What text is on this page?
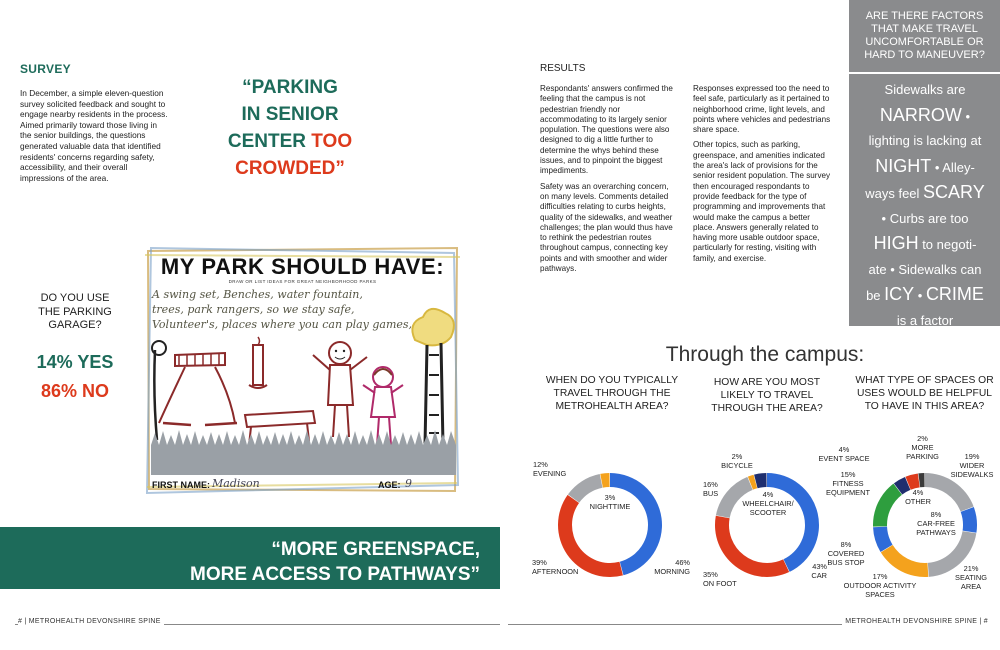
SURVEY
In December, a simple eleven-question survey solicited feedback and sought to engage nearby residents in the process. Aimed primarily toward those living in the senior buildings, the questions generated valuable data that identified residents' concerns regarding safety, accessibility, and their overall impressions of the area.
“PARKING
IN SENIOR
CENTER TOO
CROWDED”
MY PARK SHOULD HAVE:
DRAW OR LIST IDEAS FOR GREAT NEIGHBORHOOD PARKS
A swing set, Benches, water fountain,
trees, park rangers, so we stay safe,
Volunteer's, places where you can play games,
FIRST NAME: Madison	AGE: 9
DO YOU USE
THE PARKING
GARAGE?
14% YES
86% NO
“MORE GREENSPACE,
MORE ACCESS TO PATHWAYS”
# | METROHEALTH DEVONSHIRE SPINE
RESULTS

Respondants' answers confirmed the feeling that the campus is not pedestrian friendly nor accommodating to its largely senior population. The questions were also designed to dig a little further to determine the whys behind these issues, and to pinpoint the biggest impediments.

Safety was an overarching concern, on many levels. Comments detailed difficulties relating to curbs heights, quality of the sidewalks, and weather challenges; the plan would thus have to rethink the pedestrian routes throughout campus, connecting key points and with smoother and wider pathways.

Responses expressed too the need to feel safe, particularly as it pertained to neighborhood crime, light levels, and points where vehicles and pedestrians share space.

Other topics, such as parking, greenspace, and amenities indicated the area's lack of provisions for the senior resident population. The survey then encouraged respondants to provide feedback for the type of programming and improvements that would make the campus a better place. Answers generally related to having more usable outdoor space, particularly for resting, visiting with family, and exercise.

ARE THERE FACTORS THAT MAKE TRAVEL UNCOMFORTABLE OR HARD TO MANEUVER?
Sidewalks are
NARROW •
lighting is lacking at
NIGHT • Alley-
ways feel SCARY
• Curbs are too
HIGH to negoti-
ate • Sidewalks can
be ICY • CRIME
is a factor
Through the campus:
WHEN DO YOU TYPICALLY TRAVEL THROUGH THE METROHEALTH AREA?
HOW ARE YOU MOST LIKELY TO TRAVEL THROUGH THE AREA?
WHAT TYPE OF SPACES OR USES WOULD BE HELPFUL TO HAVE IN THIS AREA?
12%
EVENING
3%
NIGHTTIME
39%
AFTERNOON
46%
MORNING
2%
BICYCLE
16%
BUS	4%
WHEELCHAIR/ SCOOTER
35%
ON FOOT
43%
CAR
2%
MORE PARKING	19%
WIDER SIDEWALKS
4%
EVENT SPACE
15%
FITNESS EQUIPMENT	4%
OTHER
8%
CAR-FREE PATHWAYS
8%
COVERED BUS STOP
17%
OUTDOOR ACTIVITY SPACES
21%
SEATING AREA
METROHEALTH DEVONSHIRE SPINE | #
